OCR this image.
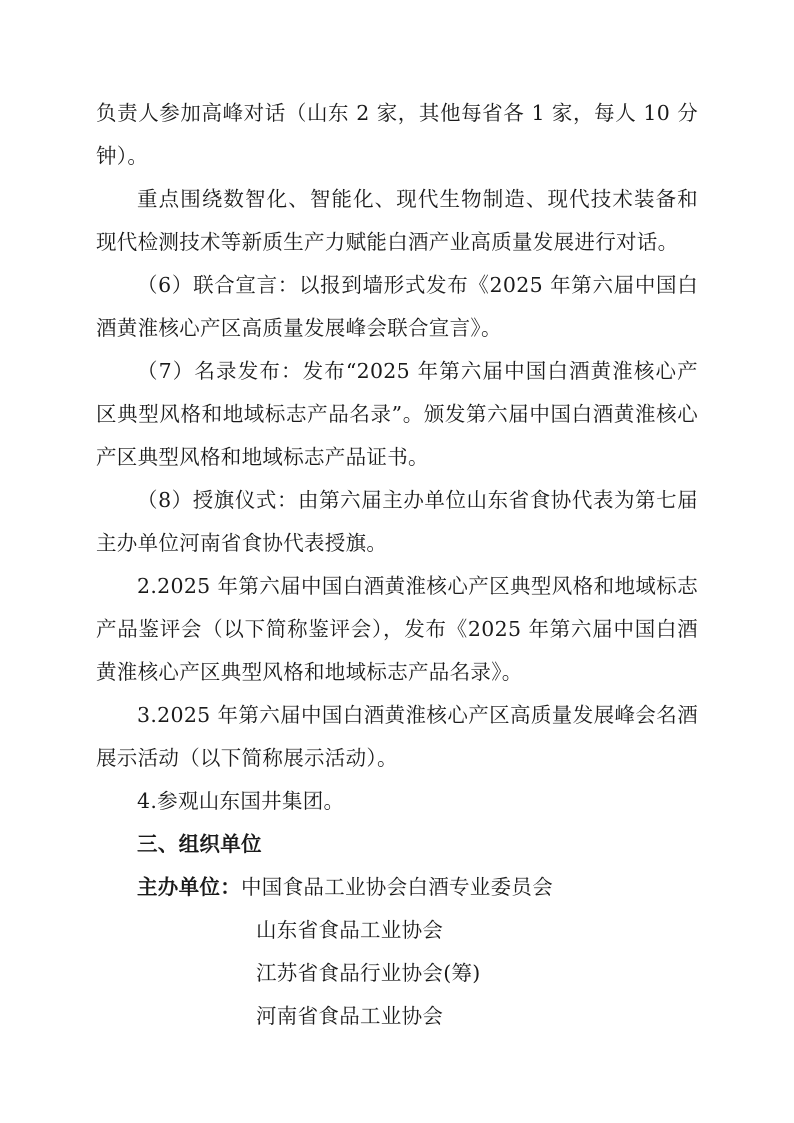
负责人参加高峰对话（山东 2 家，其他每省各 1 家，每人 10 分钟）。

重点围绕数智化、智能化、现代生物制造、现代技术装备和现代检测技术等新质生产力赋能白酒产业高质量发展进行对话。

（6）联合宣言：以报到墙形式发布《2025 年第六届中国白酒黄淮核心产区高质量发展峰会联合宣言》。

（7）名录发布：发布“2025 年第六届中国白酒黄淮核心产区典型风格和地域标志产品名录”。颁发第六届中国白酒黄淮核心产区典型风格和地域标志产品证书。

（8）授旗仪式：由第六届主办单位山东省食协代表为第七届主办单位河南省食协代表授旗。

2.2025 年第六届中国白酒黄淮核心产区典型风格和地域标志产品鉴评会（以下简称鉴评会），发布《2025 年第六届中国白酒黄淮核心产区典型风格和地域标志产品名录》。

3.2025 年第六届中国白酒黄淮核心产区高质量发展峰会名酒展示活动（以下简称展示活动）。

4.参观山东国井集团。

三、组织单位

主办单位：中国食品工业协会白酒专业委员会

山东省食品工业协会

江苏省食品行业协会(筹)

河南省食品工业协会
